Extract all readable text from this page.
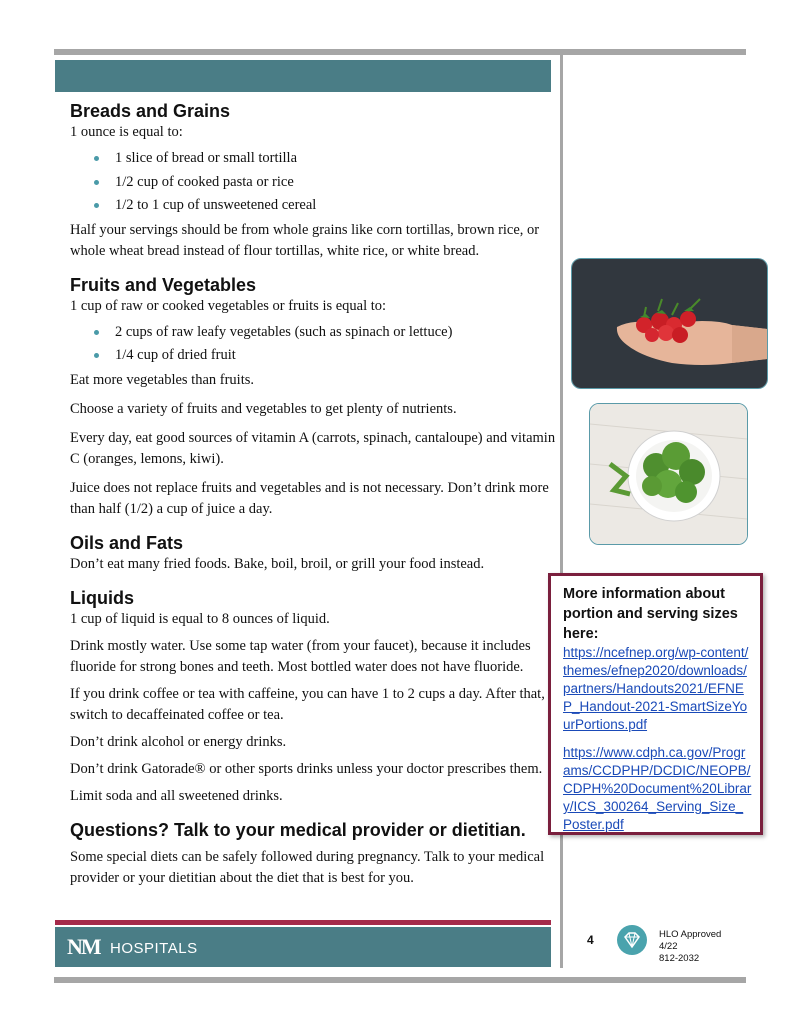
Breads and Grains

1 ounce is equal to:

1 slice of bread or small tortilla
1/2 cup of cooked pasta or rice
1/2 to 1 cup of unsweetened cereal

Half your servings should be from whole grains like corn tortillas, brown rice, or whole wheat bread instead of flour tortillas, white rice, or white bread.

Fruits and Vegetables

1 cup of raw or cooked vegetables or fruits is equal to:

2 cups of raw leafy vegetables (such as spinach or lettuce)
1/4 cup of dried fruit

Eat more vegetables than fruits.

Choose a variety of fruits and vegetables to get plenty of nutrients.

Every day, eat good sources of vitamin A (carrots, spinach, cantaloupe) and vitamin C (oranges, lemons, kiwi).

Juice does not replace fruits and vegetables and is not necessary. Don’t drink more than half (1/2) a cup of juice a day.

Oils and Fats

Don’t eat many fried foods. Bake, boil, broil, or grill your food instead.

Liquids

1 cup of liquid is equal to 8 ounces of liquid.

Drink mostly water. Use some tap water (from your faucet), because it includes fluoride for strong bones and teeth. Most bottled water does not have fluoride.

If you drink coffee or tea with caffeine, you can have 1 to 2 cups a day. After that, switch to decaffeinated coffee or tea.

Don’t drink alcohol or energy drinks.

Don’t drink Gatorade® or other sports drinks unless your doctor prescribes them.

Limit soda and all sweetened drinks.

Questions? Talk to your medical provider or dietitian.

Some special diets can be safely followed during pregnancy. Talk to your medical provider or your dietitian about the diet that is best for you.

More information about portion and serving sizes here:
https://ncefnep.org/wp-content/themes/efnep2020/downloads/partners/Handouts2021/EFNEP_Handout-2021-SmartSizeYourPortions.pdf
https://www.cdph.ca.gov/Programs/CCDPHP/DCDIC/NEOPB/CDPH%20Document%20Library/ICS_300264_Serving_Size_Poster.pdf
NM HOSPITALS	4	HLO Approved
4/22
812-2032
